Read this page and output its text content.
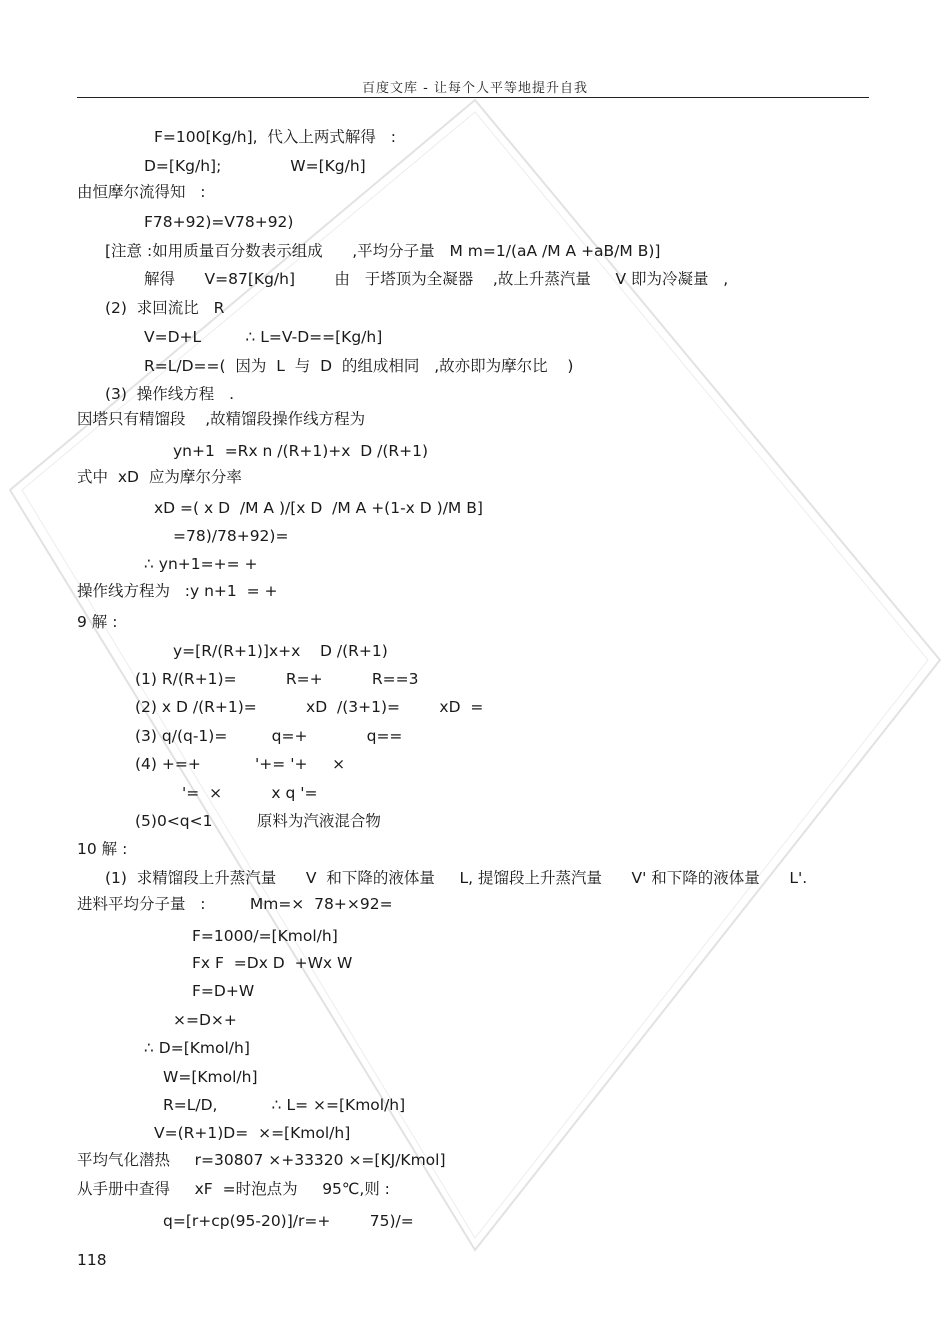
百度文库 - 让每个人平等地提升自我
F=100[Kg/h],  代入上两式解得   :
D=[Kg/h];              W=[Kg/h]
由恒摩尔流得知   :
F78+92)=V78+92)
[注意 :如用质量百分数表示组成      ,平均分子量   M m=1/(aA /M A +aB/M B)]
解得      V=87[Kg/h]        由   于塔顶为全凝器    ,故上升蒸汽量     V 即为冷凝量   ,
(2)  求回流比   R
V=D+L         ∴ L=V-D==[Kg/h]
R=L/D==(  因为  L  与  D  的组成相同   ,故亦即为摩尔比    )
(3)  操作线方程   .
因塔只有精馏段    ,故精馏段操作线方程为
yn+1  =Rx n /(R+1)+x  D /(R+1)
式中  xD  应为摩尔分率
xD =( x D  /M A )/[x D  /M A +(1-x D )/M B]
=78)/78+92)=
∴ yn+1=+= +
操作线方程为   :y n+1  = +
9 解 :
y=[R/(R+1)]x+x    D /(R+1)
(1) R/(R+1)=          R=+          R==3
(2) x D /(R+1)=          xD  /(3+1)=        xD  =
(3) q/(q-1)=         q=+            q==
(4) +=+           '+= '+     ×
'=  ×          x q '=
(5)0<q<1         原料为汽液混合物
10 解 :
(1)  求精馏段上升蒸汽量      V  和下降的液体量     L, 提馏段上升蒸汽量      V' 和下降的液体量      L'.
进料平均分子量   :         Mm=×  78+×92=
F=1000/=[Kmol/h]
Fx F  =Dx D  +Wx W
F=D+W
×=D×+
∴ D=[Kmol/h]
W=[Kmol/h]
R=L/D,           ∴ L= ×=[Kmol/h]
V=(R+1)D=  ×=[Kmol/h]
平均气化潜热     r=30807 ×+33320 ×=[KJ/Kmol]
从手册中查得     xF  =时泡点为     95℃,则 :
q=[r+cp(95-20)]/r=+        75)/=
118
